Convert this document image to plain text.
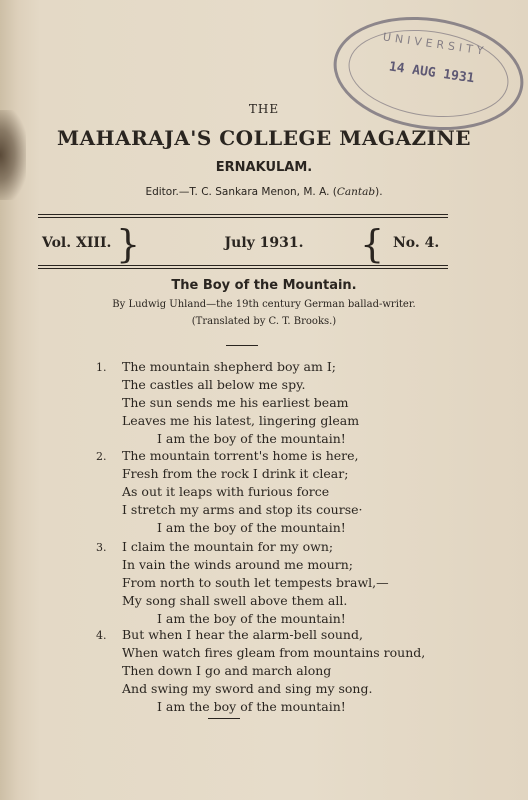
UNIVERSITY
14 AUG 1931
THE
MAHARAJA'S COLLEGE MAGAZINE
ERNAKULAM.
Editor.—T. C. Sankara Menon, M. A. (Cantab).
Vol. XIII. }	July 1931.	{ No. 4.
The Boy of the Mountain.
By Ludwig Uhland—the 19th century German ballad-writer.
(Translated by C. T. Brooks.)
1. The mountain shepherd boy am I;
The castles all below me spy.
The sun sends me his earliest beam
Leaves me his latest, lingering gleam
I am the boy of the mountain!
2. The mountain torrent's home is here,
Fresh from the rock I drink it clear;
As out it leaps with furious force
I stretch my arms and stop its course·
I am the boy of the mountain!
3. I claim the mountain for my own;
In vain the winds around me mourn;
From north to south let tempests brawl,—
My song shall swell above them all.
I am the boy of the mountain!
4. But when I hear the alarm-bell sound,
When watch fires gleam from mountains round,
Then down I go and march along
And swing my sword and sing my song.
I am the boy of the mountain!
